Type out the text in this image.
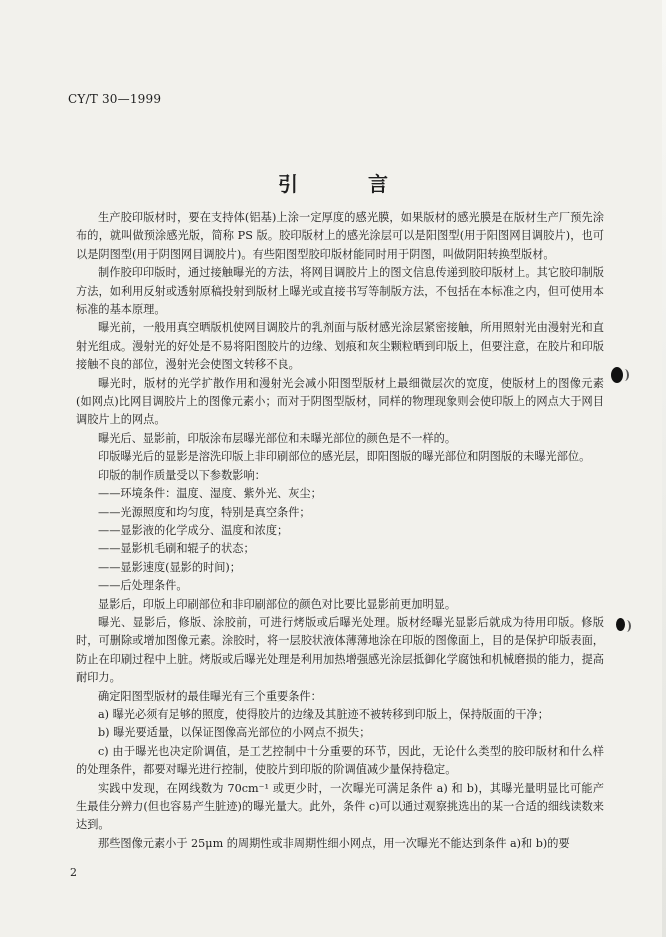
CY/T 30—1999
引言

生产胶印版材时，要在支持体(铝基)上涂一定厚度的感光膜，如果版材的感光膜是在版材生产厂预先涂布的，就叫做预涂感光版，简称 PS 版。胶印版材上的感光涂层可以是阳图型(用于阳图网目调胶片)，也可以是阴图型(用于阴图网目调胶片)。有些阳图型胶印版材能同时用于阴图，叫做阴阳转换型版材。

制作胶印印版时，通过接触曝光的方法，将网目调胶片上的图文信息传递到胶印版材上。其它胶印制版方法，如利用反射或透射原稿投射到版材上曝光或直接书写等制版方法，不包括在本标准之内，但可使用本标准的基本原理。

曝光前，一般用真空晒版机使网目调胶片的乳剂面与版材感光涂层紧密接触，所用照射光由漫射光和直射光组成。漫射光的好处是不易将阳图胶片的边缘、划痕和灰尘颗粒晒到印版上，但要注意，在胶片和印版接触不良的部位，漫射光会使图文转移不良。

曝光时，版材的光学扩散作用和漫射光会减小阳图型版材上最细微层次的宽度，使版材上的图像元素(如网点)比网目调胶片上的图像元素小；而对于阴图型版材，同样的物理现象则会使印版上的网点大于网目调胶片上的网点。

曝光后、显影前，印版涂布层曝光部位和未曝光部位的颜色是不一样的。

印版曝光后的显影是溶洗印版上非印刷部位的感光层，即阳图版的曝光部位和阴图版的未曝光部位。

印版的制作质量受以下参数影响：

——环境条件：温度、湿度、紫外光、灰尘；

——光源照度和均匀度，特别是真空条件；

——显影液的化学成分、温度和浓度；

——显影机毛刷和辊子的状态；

——显影速度(显影的时间)；

——后处理条件。

显影后，印版上印刷部位和非印刷部位的颜色对比要比显影前更加明显。

曝光、显影后，修版、涂胶前，可进行烤版或后曝光处理。版材经曝光显影后就成为待用印版。修版时，可删除或增加图像元素。涂胶时，将一层胶状液体薄薄地涂在印版的图像面上，目的是保护印版表面，防止在印刷过程中上脏。烤版或后曝光处理是利用加热增强感光涂层抵御化学腐蚀和机械磨损的能力，提高耐印力。

确定阳图型版材的最佳曝光有三个重要条件：

a) 曝光必须有足够的照度，使得胶片的边缘及其脏迹不被转移到印版上，保持版面的干净；

b) 曝光要适量，以保证图像高光部位的小网点不损失；

c) 由于曝光也决定阶调值，是工艺控制中十分重要的环节，因此，无论什么类型的胶印版材和什么样的处理条件，都要对曝光进行控制，使胶片到印版的阶调值减少量保持稳定。

实践中发现，在网线数为 70cm⁻¹ 或更少时，一次曝光可满足条件 a) 和 b)，其曝光量明显比可能产生最佳分辨力(但也容易产生脏迹)的曝光量大。此外，条件 c)可以通过观察挑选出的某一合适的细线读数来达到。

那些图像元素小于 25μm 的周期性或非周期性细小网点，用一次曝光不能达到条件 a)和 b)的要

2
